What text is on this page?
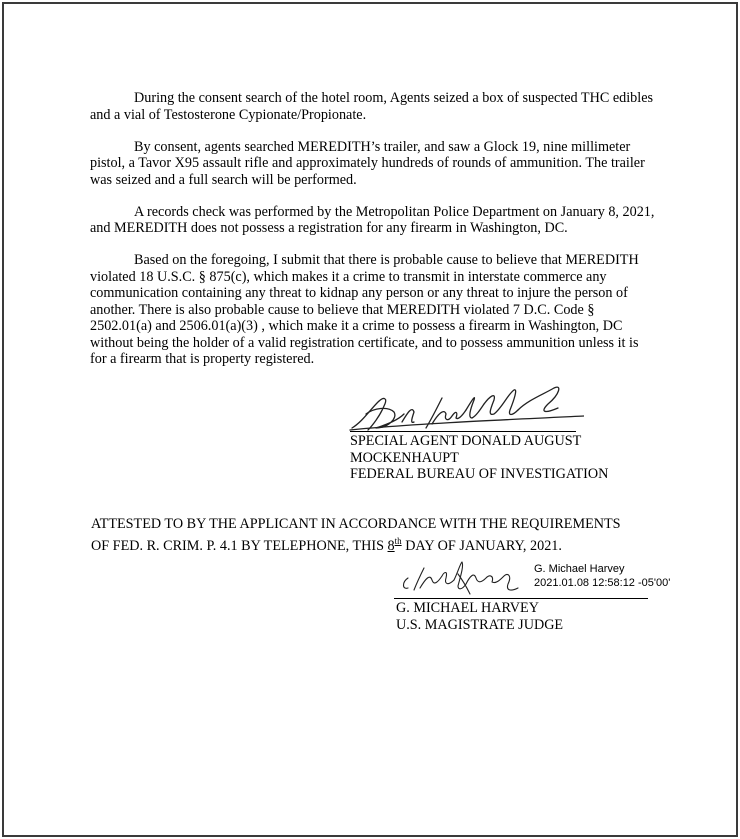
During the consent search of the hotel room, Agents seized a box of suspected THC edibles and a vial of Testosterone Cypionate/Propionate.

By consent, agents searched MEREDITH’s trailer, and saw a Glock 19, nine millimeter pistol, a Tavor X95 assault rifle and approximately hundreds of rounds of ammunition. The trailer was seized and a full search will be performed.

A records check was performed by the Metropolitan Police Department on January 8, 2021, and MEREDITH does not possess a registration for any firearm in Washington, DC.

Based on the foregoing, I submit that there is probable cause to believe that MEREDITH violated 18 U.S.C. § 875(c), which makes it a crime to transmit in interstate commerce any communication containing any threat to kidnap any person or any threat to injure the person of another. There is also probable cause to believe that MEREDITH violated 7 D.C. Code § 2502.01(a) and 2506.01(a)(3) , which make it a crime to possess a firearm in Washington, DC without being the holder of a valid registration certificate, and to possess ammunition unless it is for a firearm that is property registered.

SPECIAL AGENT DONALD AUGUST
MOCKENHAUPT
FEDERAL BUREAU OF INVESTIGATION
ATTESTED TO BY THE APPLICANT IN ACCORDANCE WITH THE REQUIREMENTS
OF FED. R. CRIM. P. 4.1 BY TELEPHONE, THIS 8th DAY OF JANUARY, 2021.
G. Michael Harvey
2021.01.08 12:58:12 -05'00'
G. MICHAEL HARVEY
U.S. MAGISTRATE JUDGE
